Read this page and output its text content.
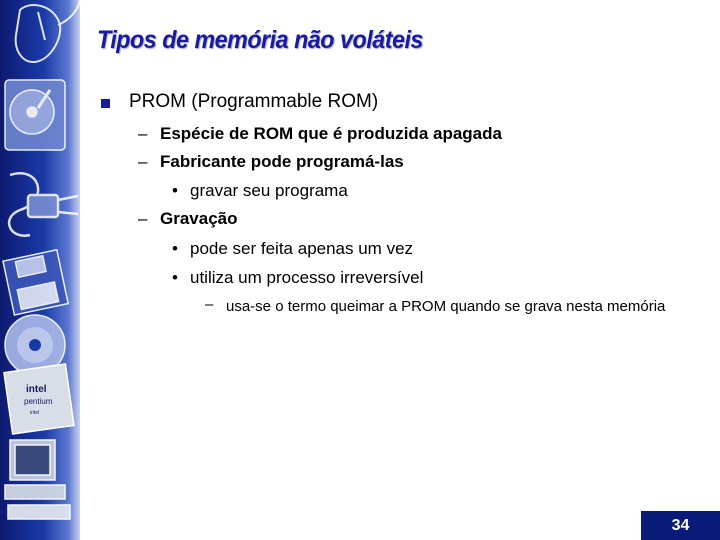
intel
pentium
intel
Tipos de memória não voláteis
PROM (Programmable ROM)
– Espécie de ROM que é produzida apagada
– Fabricante pode programá-las
• gravar seu programa
– Gravação
• pode ser feita apenas um vez
• utiliza um processo irreversível
– usa-se o termo queimar a PROM quando se grava nesta memória
34
